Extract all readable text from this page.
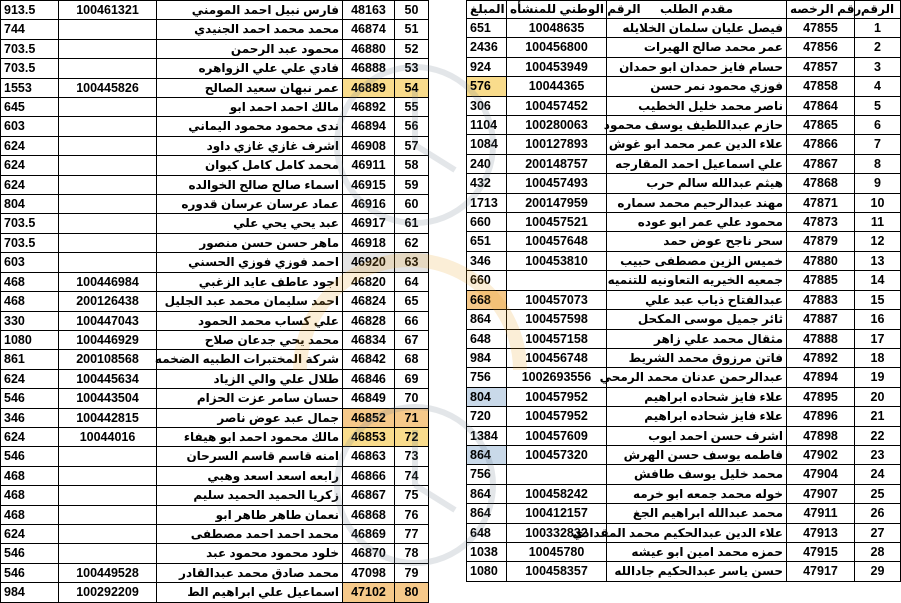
913.5	100461321	فارس نبيل احمد المومني	48163	50
744		محمد محمد احمد الجنيدي	46874	51
703.5		محمود عبد الرحمن	46880	52
703.5		فادي علي علي الزواهره	46888	53
1553	100445826	عمر نبهان سعيد الصالح	46889	54
645		مالك احمد احمد ابو	46892	55
603		ندى محمود محمود اليماني	46894	56
624		اشرف غازي غازي داود	46908	57
624		محمد كامل كامل كيوان	46911	58
624		اسماء صالح صالح الخوالده	46915	59
804		عماد عرسان عرسان قدوره	46916	60
703.5		عبد يحي يحي علي	46917	61
703.5		ماهر حسن حسن منصور	46918	62
603		احمد فوزي فوزي الحسني	46920	63
468	100446984	اجود عاطف عايد الزغبي	46820	64
468	200126438	احمد سليمان محمد عبد الجليل	46824	65
330	100447043	علي كساب محمد الحمود	46828	66
1080	100446929	محمد يحي جدعان صلاح	46834	67
861	200108568	شركة المختبرات الطبيه الضخمه	46842	68
624	100445634	طلال علي والي الزياد	46846	69
546	100443504	حسان سامر عزت الحزام	46849	70
346	100442815	جمال عبد عوض ناصر	46852	71
624	10044016	مالك محمود احمد ابو هيفاء	46853	72
546		امنه قاسم قاسم السرحان	46863	73
468		رابعه اسعد اسعد وهبي	46866	74
468		زكريا الحميد الحميد سليم	46867	75
468		نعمان طاهر طاهر ابو	46868	76
624		محمد احمد احمد مصطفى	46869	77
546		خلود محمود محمود عبد	46870	78
546	100449528	محمد صادق محمد عبدالقادر	47098	79
984	100292209	اسماعيل علي ابراهيم الط	47102	80
المبلغ	الرقم الوطني للمنشأه	مقدم الطلب	رقم الرخصه	الرقم
651	10048635	فيصل عليان سلمان الخلايله	47855	1
2436	100456800	عمر محمد صالح الهيرات	47856	2
924	100453949	حسام فايز حمدان ابو حمدان	47857	3
576	10044365	فوزي محمود نمر حسن	47858	4
306	100457452	ناصر محمد خليل الخطيب	47864	5
1104	100280063	حازم عبداللطيف يوسف محمود	47865	6
1084	100127893	علاء الدين عمر محمد ابو غوش	47866	7
240	200148757	علي اسماعيل احمد المقارجه	47867	8
432	100457493	هيثم عبدالله سالم حرب	47868	9
1713	200147959	مهند عبدالرحيم محمد سماره	47871	10
660	100457521	محمود علي عمر ابو عوده	47873	11
651	100457648	سحر ناجح عوض حمد	47879	12
346	100453810	خميس الزين مصطفى حبيب	47880	13
660		جمعيه الخيريه التعاونيه للتنميه	47885	14
668	100457073	عبدالفتاح ذياب عبد علي	47883	15
864	100457598	ثائر جميل موسى المكحل	47887	16
648	100457158	مثقال محمد علي زاهر	47888	17
984	100456748	فاتن مرزوق محمد الشريط	47892	18
756	1002693556	عبدالرحمن عدنان محمد الرمحي	47894	19
804	100457952	علاء فايز شحاده ابراهيم	47895	20
720	100457952	علاء فايز شحاده ابراهيم	47896	21
1384	100457609	اشرف حسن احمد ايوب	47898	22
864	100457320	فاطمه يوسف حسن الهرش	47902	23
756		محمد خليل يوسف طافش	47904	24
864	100458242	خوله محمد جمعه ابو خرمه	47907	25
864	100412157	محمد عبدالله ابراهيم الجغ	47911	26
648	100332832	علاء الدين عبدالحكيم محمد المقدادي	47913	27
1038	10045780	حمزه محمد امين ابو عيشه	47915	28
1080	100458357	حسن ياسر عبدالحكيم جادالله	47917	29
